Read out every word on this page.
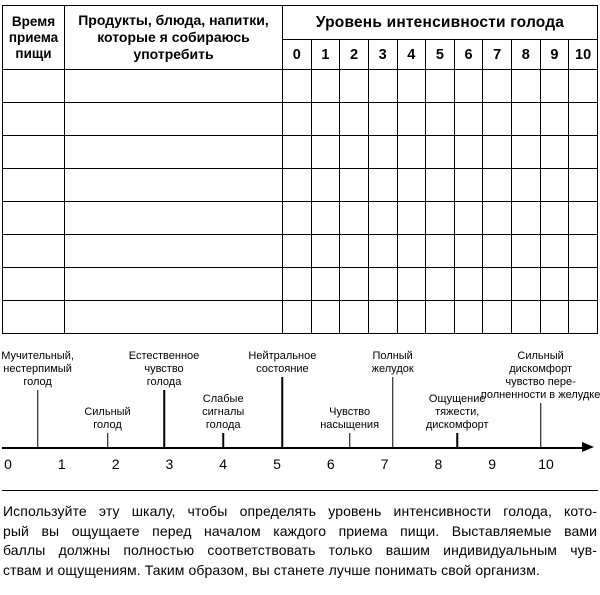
Время приема пищи	Продукты, блюда, напитки, которые я собираюсь употребить	Уровень интенсивности голода										
		0	1	2	3	4	5	6	7	8	9	10

Мучительный,
нестерпимый
голод
Сильный
голод
Естественное
чувство
голода
Слабые
сигналы
голода
Нейтральное
состояние
Чувство
насыщения
Полный
желудок
Ощущение
тяжести,
дискомфорт
Сильный
дискомфорт
чувство пере-
полненности в желудке
0	1	2	3	4	5	6	7	8	9	10
Используйте эту шкалу, чтобы определять уровень интенсивности голода, кото-
рый вы ощущаете перед началом каждого приема пищи. Выставляемые вами
баллы должны полностью соответствовать только вашим индивидуальным чув-
ствам и ощущениям. Таким образом, вы станете лучше понимать свой организм.
